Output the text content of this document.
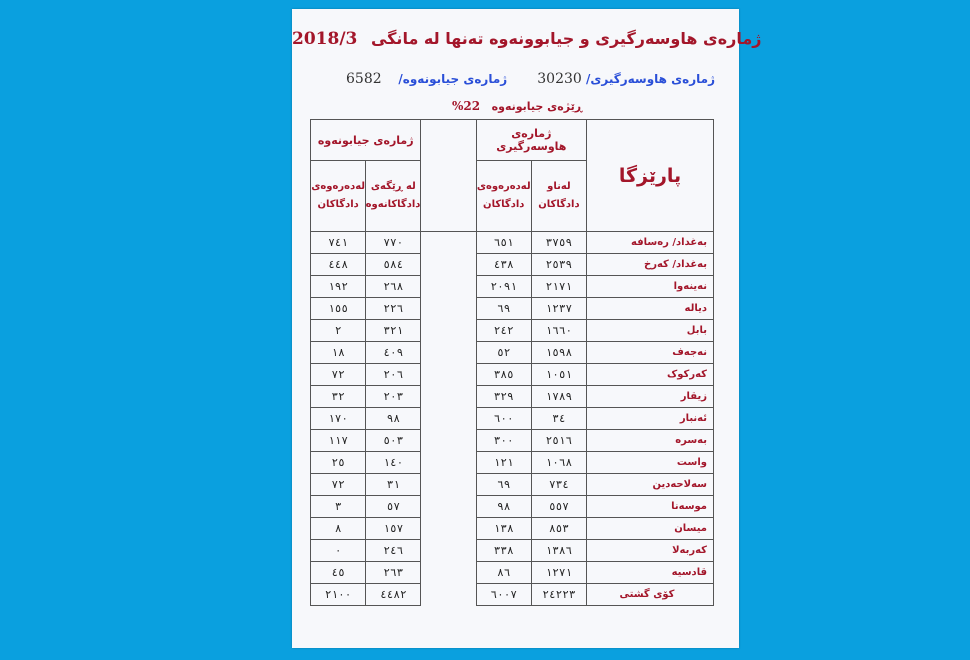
2018/3 ژمارەی هاوسەرگیری و جیابوونەوە تەنها لە مانگی
ژمارەی هاوسەرگیری/ 30230
ژمارەی جیابونەوە/    6582
ڕێژەی جیابونەوە   22%
پارێزگا	ژمارەی هاوسەرگیری			ژمارەی جیابونەوە	
	لەناو دادگاکان	لەدەرەوەی دادگاکان		لە ڕێگەی دادگاکانەوە	لەدەرەوەی دادگاکان
بەغداد/ رەسافە	٣٧٥٩	٦٥١		٧٧٠	٧٤١
بەغداد/ کەرخ	٢٥٣٩	٤٣٨		٥٨٤	٤٤٨
نەینەوا	٢١٧١	٢٠٩١		٢٦٨	١٩٢
دیالە	١٢٣٧	٦٩		٢٢٦	١٥٥
بابل	١٦٦٠	٢٤٢		٣٢١	٢
نەجەف	١٥٩٨	٥٢		٤٠٩	١٨
کەرکوک	١٠٥١	٣٨٥		٢٠٦	٧٢
زیقار	١٧٨٩	٣٢٩		٢٠٣	٣٢
ئەنبار	٣٤	٦٠٠		٩٨	١٧٠
بەسرە	٢٥١٦	٣٠٠		٥٠٣	١١٧
واست	١٠٦٨	١٢١		١٤٠	٢٥
سەلاحەدین	٧٣٤	٦٩		٣١	٧٢
موسەنا	٥٥٧	٩٨		٥٧	٣
میسان	٨٥٣	١٣٨		١٥٧	٨
کەربەلا	١٣٨٦	٣٣٨		٢٤٦	٠
قادسیە	١٢٧١	٨٦		٢٦٣	٤٥
کۆی گشتی	٢٤٢٢٣	٦٠٠٧		٤٤٨٢	٢١٠٠
